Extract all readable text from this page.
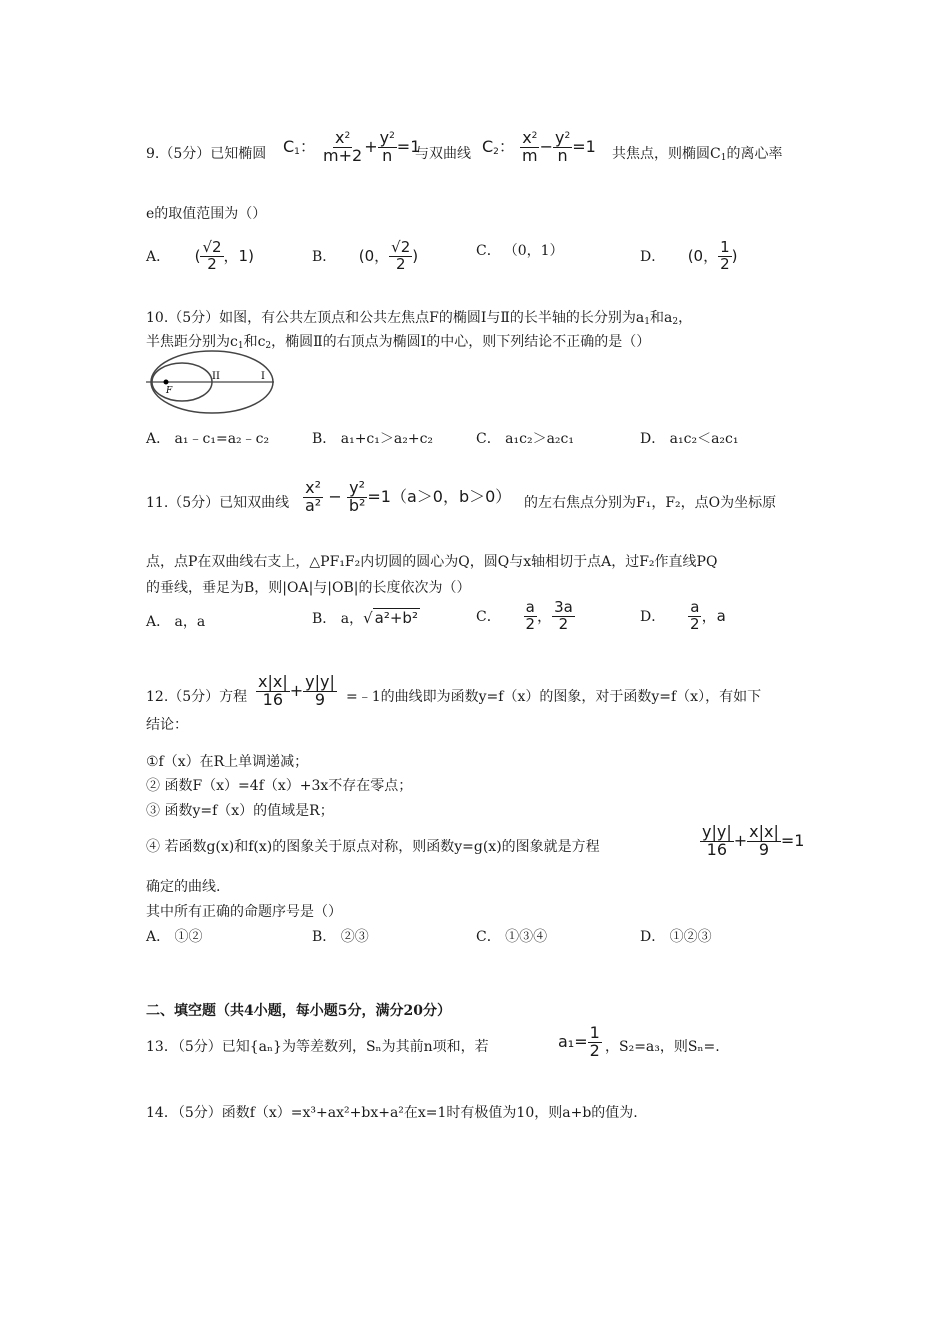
9.（5分）已知椭圆 $C_1$： $\frac{x^2}{m+2} + \frac{y^2}{n} =1$
与双曲线 $C_2$： $\frac{x^2}{m} - \frac{y^2}{n} =1$ 共焦点，则椭圆$C_1$的离心率
e的取值范围为（）
A． ( $\frac{√2}{2}$ ，1)	B． (0， $\frac{√2}{2}$ )	C． （0，1）	D． (0， $\frac{1}{2}$ )
10.（5分）如图，有公共左顶点和公共左焦点F的椭圆Ⅰ与Ⅱ的长半轴的长分别为$a_1$和$a_2$，
半焦距分别为$c_1$和$c_2$，椭圆Ⅱ的右顶点为椭圆Ⅰ的中心，则下列结论不正确的是（）
F
II	I
A． a₁﹣c₁=a₂﹣c₂	B． a₁+c₁＞a₂+c₂	C． a₁c₂＞a₂c₁	D． a₁c₂＜a₂c₁
11.（5分）已知双曲线 $\frac{\text{x²}}{\text{a²}} - \frac{\text{y²}}{\text{b²}} =1(a>0$，b＞0） 的左右焦点分别为F₁，F₂，点O为坐标原
点，点P在双曲线右支上，△PF₁F₂内切圆的圆心为Q，圆Q与x轴相切于点A，过F₂作直线PQ
的垂线，垂足为B，则|OA|与|OB|的长度依次为（）
A． a，a	B． a，√ a²+b²	C． $\frac{a}{2}$ ， $\frac{3a}{2}$	D． $\frac{a}{2}$ ，a
12.（5分）方程 $\frac{x|x|}{16} + \frac{y|y|}{9}$ =﹣1的曲线即为函数y=f（x）的图象，对于函数y=f（x），有如下
结论：
①f（x）在R上单调递减；
② 函数F（x）=4f（x）+3x不存在零点；
③ 函数y=f（x）的值域是R；
④ 若函数g(x)和f(x)的图象关于原点对称，则函数y=g(x)的图象就是方程	$\frac{y|y|}{16} + \frac{x|x|}{9} =1$
确定的曲线.
其中所有正确的命题序号是（）
A． ①②	B． ②③	C． ①③④	D． ①②③
二、填空题（共4小题，每小题5分，满分20分）
13．（5分）已知{aₙ}为等差数列，Sₙ为其前n项和，若	$a_1= \frac{1}{2}$ ，S₂=a₃，则Sₙ=.
14．（5分）函数f（x）=x³+ax²+bx+a²在x=1时有极值为10，则a+b的值为.
